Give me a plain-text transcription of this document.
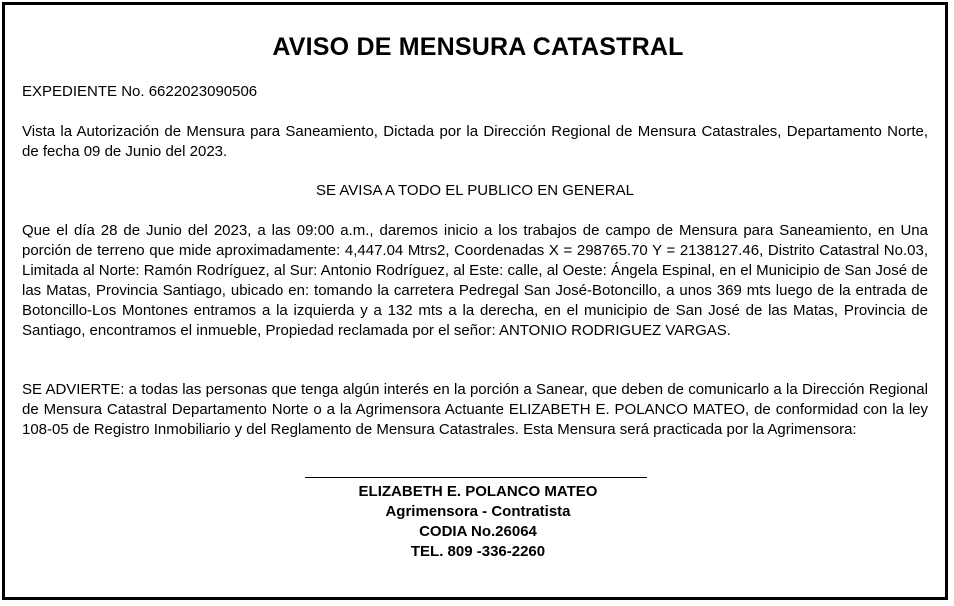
AVISO DE MENSURA CATASTRAL
EXPEDIENTE No. 6622023090506
Vista la Autorización de Mensura para Saneamiento, Dictada por la Dirección Regional de Mensura Catastrales, Departamento Norte, de fecha 09 de Junio del 2023.
SE AVISA A TODO EL PUBLICO EN GENERAL
Que el día 28 de Junio del 2023, a las 09:00 a.m., daremos inicio a los trabajos de campo de Mensura para Saneamiento, en Una porción de terreno que mide aproximadamente: 4,447.04 Mtrs2, Coordenadas X = 298765.70 Y = 2138127.46, Distrito Catastral No.03, Limitada al Norte: Ramón Rodríguez, al Sur: Antonio Rodríguez, al Este: calle, al Oeste: Ángela Espinal, en el Municipio de San José de las Matas, Provincia Santiago, ubicado en: tomando la carretera Pedregal San José-Botoncillo, a unos 369 mts luego de la entrada de Botoncillo-Los Montones entramos a la izquierda y a 132 mts a la derecha, en el municipio de San José de las Matas, Provincia de Santiago, encontramos el inmueble, Propiedad reclamada por el señor: ANTONIO RODRIGUEZ VARGAS.
SE ADVIERTE: a todas las personas que tenga algún interés en la porción a Sanear, que deben de comunicarlo a la Dirección Regional de Mensura Catastral Departamento Norte o a la Agrimensora Actuante ELIZABETH E. POLANCO MATEO, de conformidad con la ley 108-05 de Registro Inmobiliario y del Reglamento de Mensura Catastrales. Esta Mensura será practicada por la Agrimensora:
ELIZABETH E. POLANCO MATEO
Agrimensora - Contratista
CODIA No.26064
TEL. 809 -336-2260
